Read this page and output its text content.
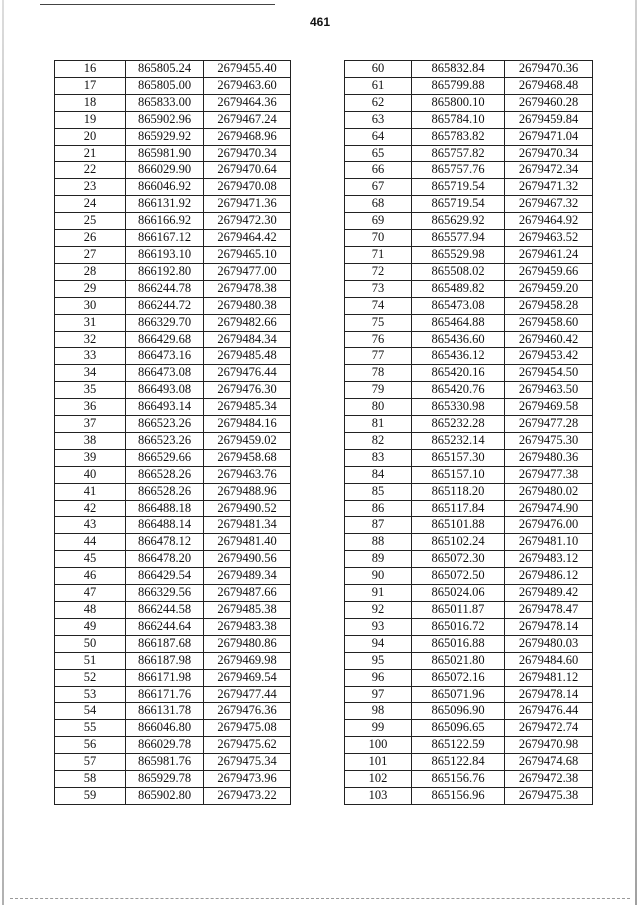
461
16	865805.24	2679455.40
17	865805.00	2679463.60
18	865833.00	2679464.36
19	865902.96	2679467.24
20	865929.92	2679468.96
21	865981.90	2679470.34
22	866029.90	2679470.64
23	866046.92	2679470.08
24	866131.92	2679471.36
25	866166.92	2679472.30
26	866167.12	2679464.42
27	866193.10	2679465.10
28	866192.80	2679477.00
29	866244.78	2679478.38
30	866244.72	2679480.38
31	866329.70	2679482.66
32	866429.68	2679484.34
33	866473.16	2679485.48
34	866473.08	2679476.44
35	866493.08	2679476.30
36	866493.14	2679485.34
37	866523.26	2679484.16
38	866523.26	2679459.02
39	866529.66	2679458.68
40	866528.26	2679463.76
41	866528.26	2679488.96
42	866488.18	2679490.52
43	866488.14	2679481.34
44	866478.12	2679481.40
45	866478.20	2679490.56
46	866429.54	2679489.34
47	866329.56	2679487.66
48	866244.58	2679485.38
49	866244.64	2679483.38
50	866187.68	2679480.86
51	866187.98	2679469.98
52	866171.98	2679469.54
53	866171.76	2679477.44
54	866131.78	2679476.36
55	866046.80	2679475.08
56	866029.78	2679475.62
57	865981.76	2679475.34
58	865929.78	2679473.96
59	865902.80	2679473.22
60	865832.84	2679470.36
61	865799.88	2679468.48
62	865800.10	2679460.28
63	865784.10	2679459.84
64	865783.82	2679471.04
65	865757.82	2679470.34
66	865757.76	2679472.34
67	865719.54	2679471.32
68	865719.54	2679467.32
69	865629.92	2679464.92
70	865577.94	2679463.52
71	865529.98	2679461.24
72	865508.02	2679459.66
73	865489.82	2679459.20
74	865473.08	2679458.28
75	865464.88	2679458.60
76	865436.60	2679460.42
77	865436.12	2679453.42
78	865420.16	2679454.50
79	865420.76	2679463.50
80	865330.98	2679469.58
81	865232.28	2679477.28
82	865232.14	2679475.30
83	865157.30	2679480.36
84	865157.10	2679477.38
85	865118.20	2679480.02
86	865117.84	2679474.90
87	865101.88	2679476.00
88	865102.24	2679481.10
89	865072.30	2679483.12
90	865072.50	2679486.12
91	865024.06	2679489.42
92	865011.87	2679478.47
93	865016.72	2679478.14
94	865016.88	2679480.03
95	865021.80	2679484.60
96	865072.16	2679481.12
97	865071.96	2679478.14
98	865096.90	2679476.44
99	865096.65	2679472.74
100	865122.59	2679470.98
101	865122.84	2679474.68
102	865156.76	2679472.38
103	865156.96	2679475.38
